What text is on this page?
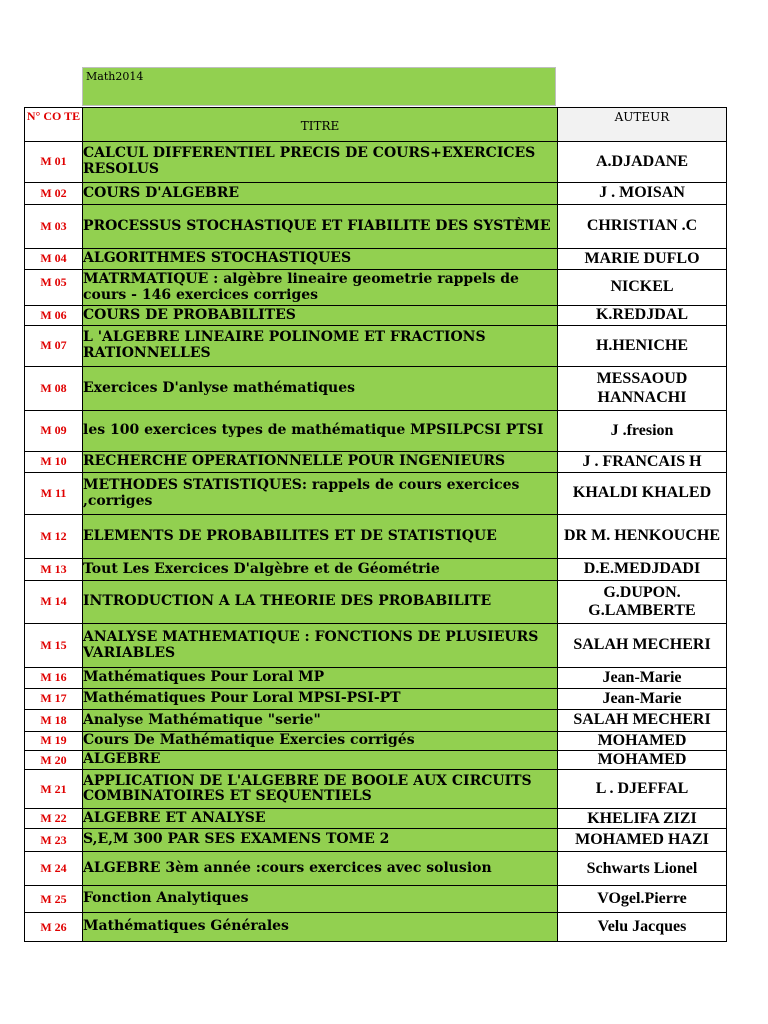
Math2014
N° CO TE	TITRE	AUTEUR
M 01	CALCUL DIFFERENTIEL PRECIS DE COURS+EXERCICES RESOLUS	A.DJADANE
M 02	COURS D'ALGEBRE	J . MOISAN
M 03	PROCESSUS STOCHASTIQUE ET FIABILITE DES SYSTÈME	CHRISTIAN .C
M 04	ALGORITHMES STOCHASTIQUES	MARIE DUFLO
M 05	MATRMATIQUE : algèbre lineaire geometrie rappels de cours - 146 exercices corriges	NICKEL
M 06	COURS DE PROBABILITES	K.REDJDAL
M 07	L 'ALGEBRE LINEAIRE POLINOME ET FRACTIONS RATIONNELLES	H.HENICHE
M 08	Exercices D'anlyse mathématiques	MESSAOUD HANNACHI
M 09	les 100 exercices types de mathématique MPSILPCSI PTSI	J .fresion
M 10	RECHERCHE OPERATIONNELLE POUR INGENIEURS	J . FRANCAIS H
M 11	METHODES STATISTIQUES: rappels de cours exercices ,corriges	KHALDI KHALED
M 12	ELEMENTS DE PROBABILITES ET DE STATISTIQUE	DR M. HENKOUCHE
M 13	Tout Les Exercices D'algèbre et de Géométrie	D.E.MEDJDADI
M 14	INTRODUCTION A LA THEORIE DES PROBABILITE	G.DUPON. G.LAMBERTE
M 15	ANALYSE MATHEMATIQUE : FONCTIONS DE PLUSIEURS VARIABLES	SALAH MECHERI
M 16	Mathématiques Pour Loral MP	Jean-Marie
M 17	Mathématiques Pour Loral MPSI-PSI-PT	Jean-Marie
M 18	Analyse Mathématique "serie"	SALAH MECHERI
M 19	Cours De Mathématique Exercies corrigés	MOHAMED
M 20	ALGEBRE	MOHAMED
M 21	APPLICATION DE L'ALGEBRE DE BOOLE AUX CIRCUITS COMBINATOIRES ET SEQUENTIELS	L . DJEFFAL
M 22	ALGEBRE ET ANALYSE	KHELIFA ZIZI
M 23	S,E,M 300 PAR SES EXAMENS TOME 2	MOHAMED HAZI
M 24	ALGEBRE 3èm année :cours exercices avec solusion	Schwarts Lionel
M 25	Fonction Analytiques	VOgel.Pierre
M 26	Mathématiques Générales	Velu Jacques
